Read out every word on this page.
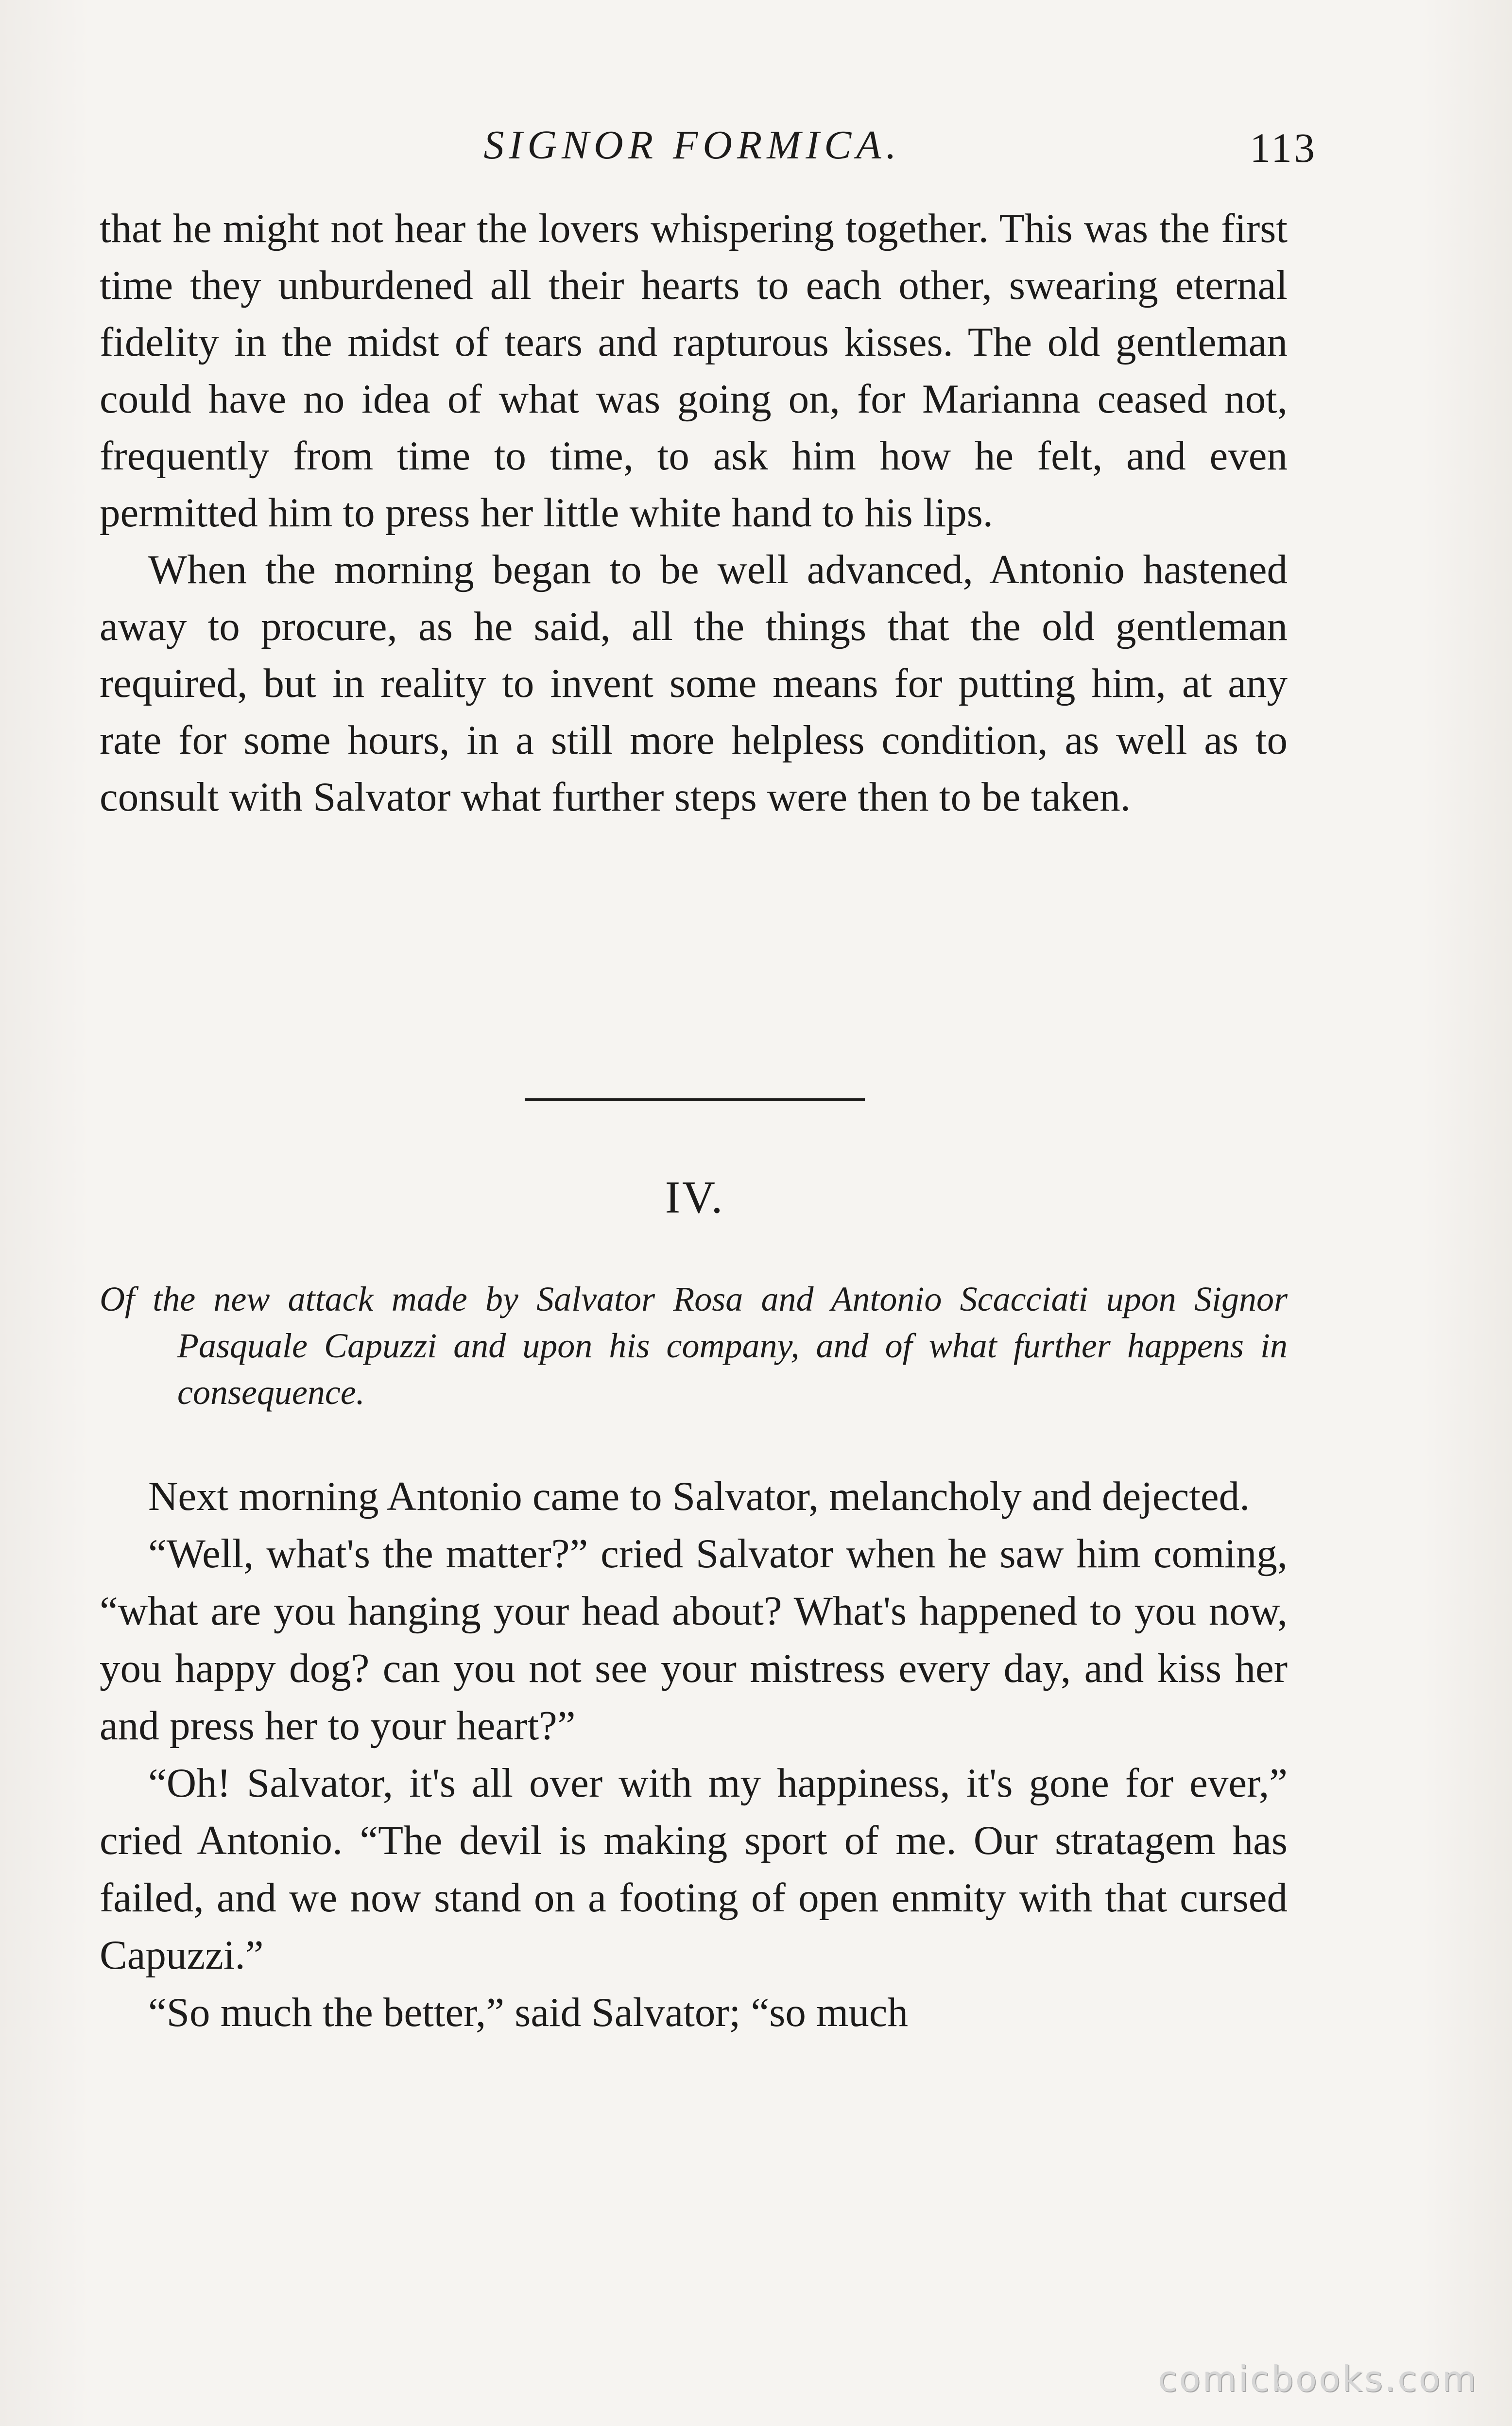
SIGNOR FORMICA.	113

that he might not hear the lovers whispering together. This was the first time they unburdened all their hearts to each other, swearing eternal fidelity in the midst of tears and rapturous kisses. The old gentleman could have no idea of what was going on, for Marianna ceased not, frequently from time to time, to ask him how he felt, and even permitted him to press her little white hand to his lips.

When the morning began to be well advanced, Antonio hastened away to procure, as he said, all the things that the old gentleman required, but in reality to invent some means for putting him, at any rate for some hours, in a still more helpless condition, as well as to consult with Salvator what further steps were then to be taken.

IV.
Of the new attack made by Salvator Rosa and Antonio Scacciati upon Signor Pasquale Capuzzi and upon his company, and of what further happens in consequence.

Next morning Antonio came to Salvator, melancholy and dejected.

“Well, what's the matter?” cried Salvator when he saw him coming, “what are you hanging your head about? What's happened to you now, you happy dog? can you not see your mistress every day, and kiss her and press her to your heart?”

“Oh! Salvator, it's all over with my happiness, it's gone for ever,” cried Antonio. “The devil is making sport of me. Our stratagem has failed, and we now stand on a footing of open enmity with that cursed Capuzzi.”

“So much the better,” said Salvator; “so much

comicbooks.com
